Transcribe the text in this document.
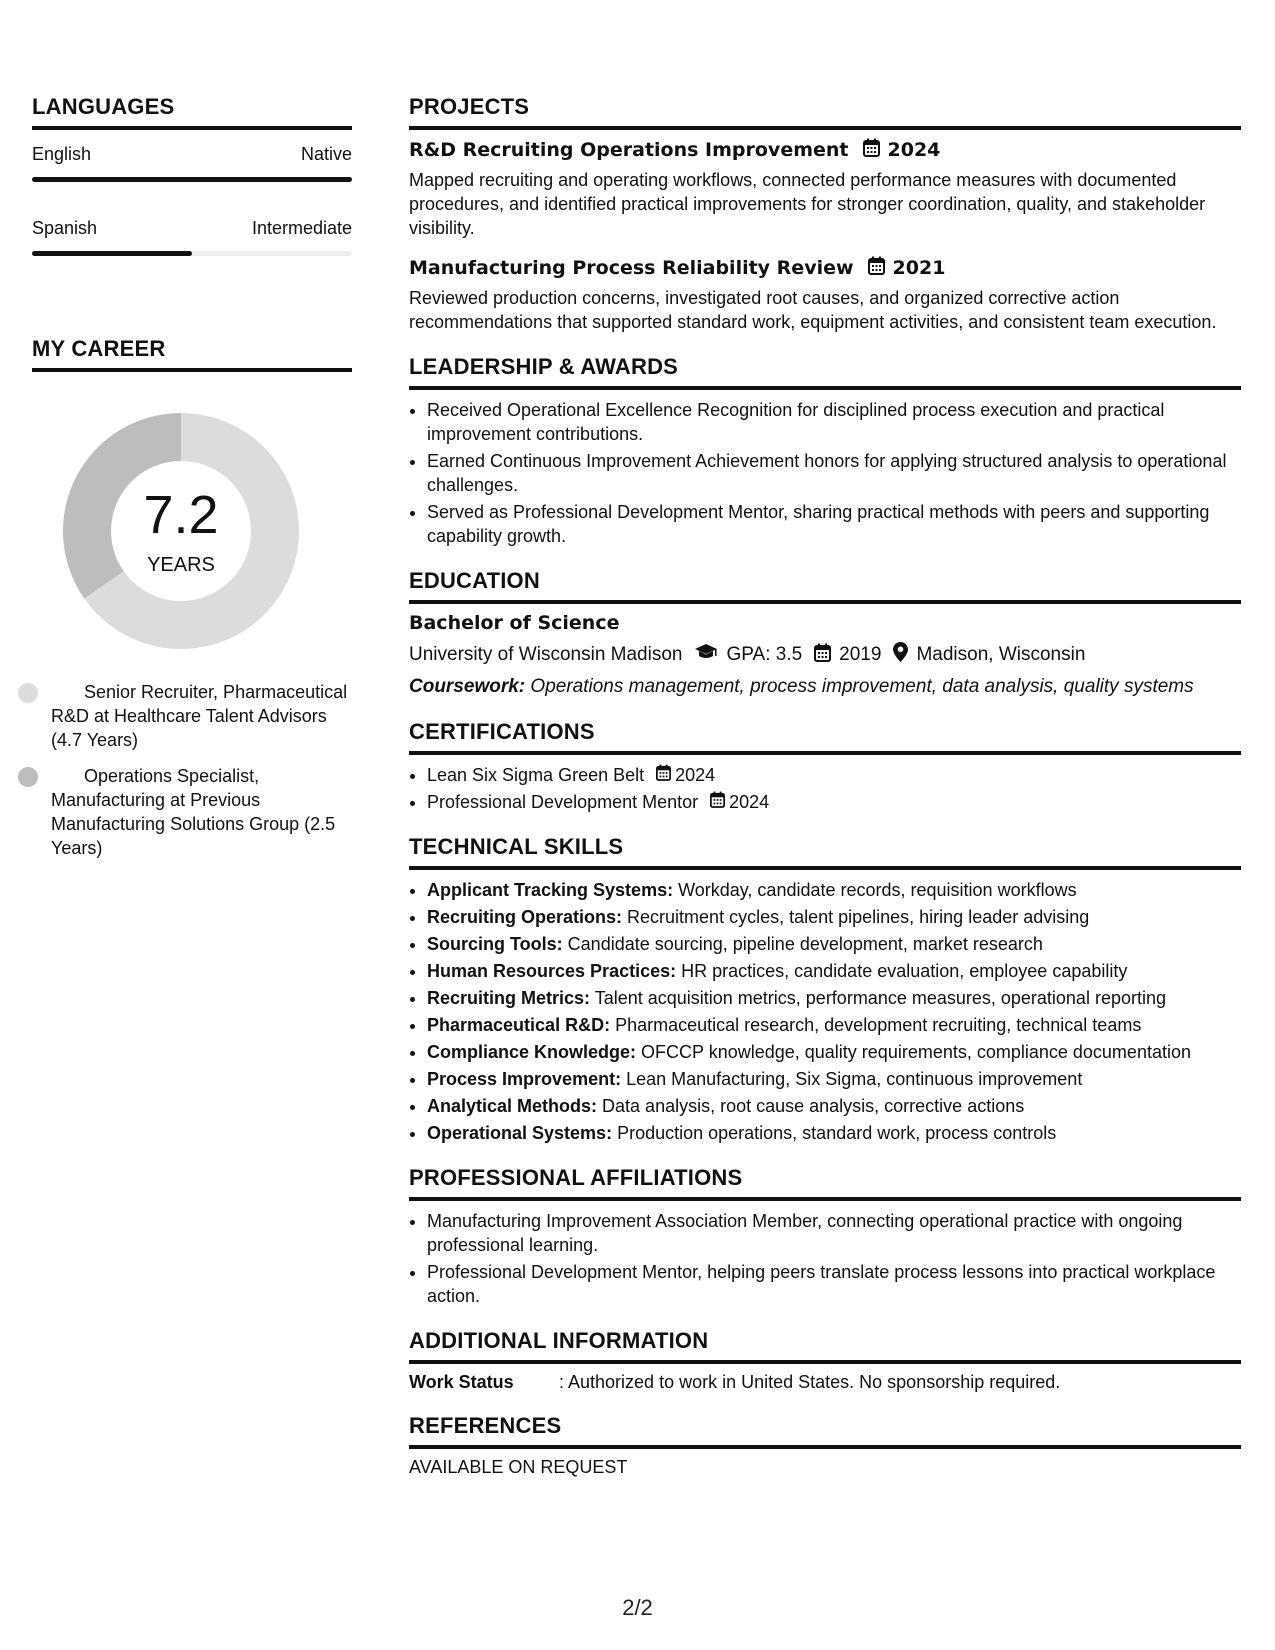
LANGUAGES
English	Native
Spanish	Intermediate
MY CAREER
7.2
YEARS
Senior Recruiter, Pharmaceutical R&D at Healthcare Talent Advisors (4.7 Years)
Operations Specialist, Manufacturing at Previous Manufacturing Solutions Group (2.5 Years)
PROJECTS
R&D Recruiting Operations Improvement 2024
Mapped recruiting and operating workflows, connected performance measures with documented procedures, and identified practical improvements for stronger coordination, quality, and stakeholder visibility.
Manufacturing Process Reliability Review 2021
Reviewed production concerns, investigated root causes, and organized corrective action recommendations that supported standard work, equipment activities, and consistent team execution.
LEADERSHIP & AWARDS
• Received Operational Excellence Recognition for disciplined process execution and practical improvement contributions.
• Earned Continuous Improvement Achievement honors for applying structured analysis to operational challenges.
• Served as Professional Development Mentor, sharing practical methods with peers and supporting capability growth.
EDUCATION
Bachelor of Science
University of Wisconsin Madison GPA: 3.5 2019 Madison, Wisconsin
Coursework: Operations management, process improvement, data analysis, quality systems
CERTIFICATIONS
• Lean Six Sigma Green Belt 2024
• Professional Development Mentor 2024
TECHNICAL SKILLS
• Applicant Tracking Systems: Workday, candidate records, requisition workflows
• Recruiting Operations: Recruitment cycles, talent pipelines, hiring leader advising
• Sourcing Tools: Candidate sourcing, pipeline development, market research
• Human Resources Practices: HR practices, candidate evaluation, employee capability
• Recruiting Metrics: Talent acquisition metrics, performance measures, operational reporting
• Pharmaceutical R&D: Pharmaceutical research, development recruiting, technical teams
• Compliance Knowledge: OFCCP knowledge, quality requirements, compliance documentation
• Process Improvement: Lean Manufacturing, Six Sigma, continuous improvement
• Analytical Methods: Data analysis, root cause analysis, corrective actions
• Operational Systems: Production operations, standard work, process controls
PROFESSIONAL AFFILIATIONS
• Manufacturing Improvement Association Member, connecting operational practice with ongoing professional learning.
• Professional Development Mentor, helping peers translate process lessons into practical workplace action.
ADDITIONAL INFORMATION
Work Status	: Authorized to work in United States. No sponsorship required.
REFERENCES
AVAILABLE ON REQUEST
2/2
